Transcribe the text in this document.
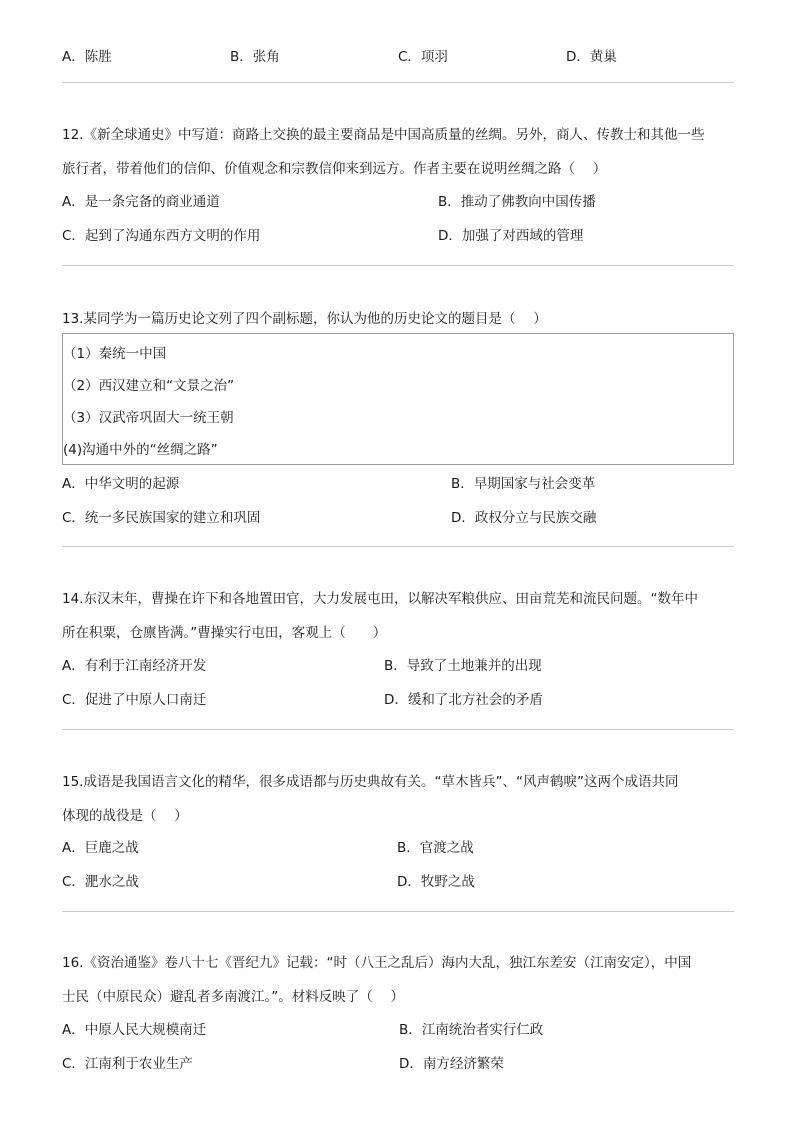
A．陈胜	B．张角	C．项羽	D．黄巢
12.《新全球通史》中写道：商路上交换的最主要商品是中国高质量的丝绸。另外，商人、传教士和其他一些
旅行者，带着他们的信仰、价值观念和宗教信仰来到远方。作者主要在说明丝绸之路（　 ）
A．是一条完备的商业通道	B．推动了佛教向中国传播
C．起到了沟通东西方文明的作用	D．加强了对西域的管理
13.某同学为一篇历史论文列了四个副标题，你认为他的历史论文的题目是（　 ）
（1）秦统一中国
（2）西汉建立和“文景之治”
（3）汉武帝巩固大一统王朝
(4)沟通中外的“丝绸之路”
A．中华文明的起源	B．早期国家与社会变革
C．统一多民族国家的建立和巩固	D．政权分立与民族交融
14.东汉末年，曹操在许下和各地置田官，大力发展屯田，以解决军粮供应、田亩荒芜和流民问题。“数年中
所在积粟，仓廪皆满。”曹操实行屯田，客观上（　　）
A．有利于江南经济开发	B．导致了土地兼并的出现
C．促进了中原人口南迁	D．缓和了北方社会的矛盾
15.成语是我国语言文化的精华，很多成语都与历史典故有关。“草木皆兵”、“风声鹤唳”这两个成语共同
体现的战役是（　 ）
A．巨鹿之战	B．官渡之战
C．淝水之战	D．牧野之战
16.《资治通鉴》卷八十七《晋纪九》记载：“时（八王之乱后）海内大乱，独江东差安（江南安定），中国
士民（中原民众）避乱者多南渡江。”。材料反映了（　 ）
A．中原人民大规模南迁	B．江南统治者实行仁政
C．江南利于农业生产	D．南方经济繁荣
